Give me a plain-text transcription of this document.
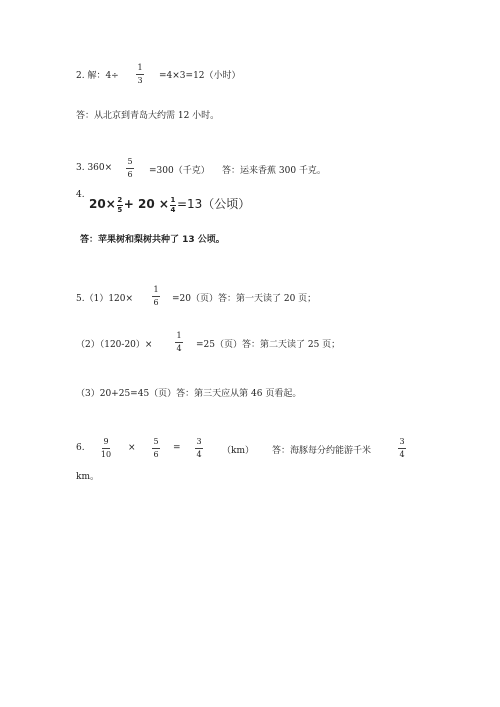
2. 解：4÷
1
3 =4×3=12（小时）
答：从北京到青岛大约需 12 小时。
3. 360×
5
6 =300（千克） 答：运来香蕉 300 千克。
4.
$20\times \frac{2}{5} + 20 \times \frac{1}{4} =13$（公顷）
答：苹果树和梨树共种了 13 公顷。
5.（1）120×
1
6 =20（页）答：第一天读了 20 页；
（2）（120-20）×
1
4 =25（页）答：第二天读了 25 页；
（3）20+25=45（页）答：第三天应从第 46 页看起。
6.
9
10
×
5
6
=
3
4 （km） 答：海豚每分约能游千米
3
4
km。
